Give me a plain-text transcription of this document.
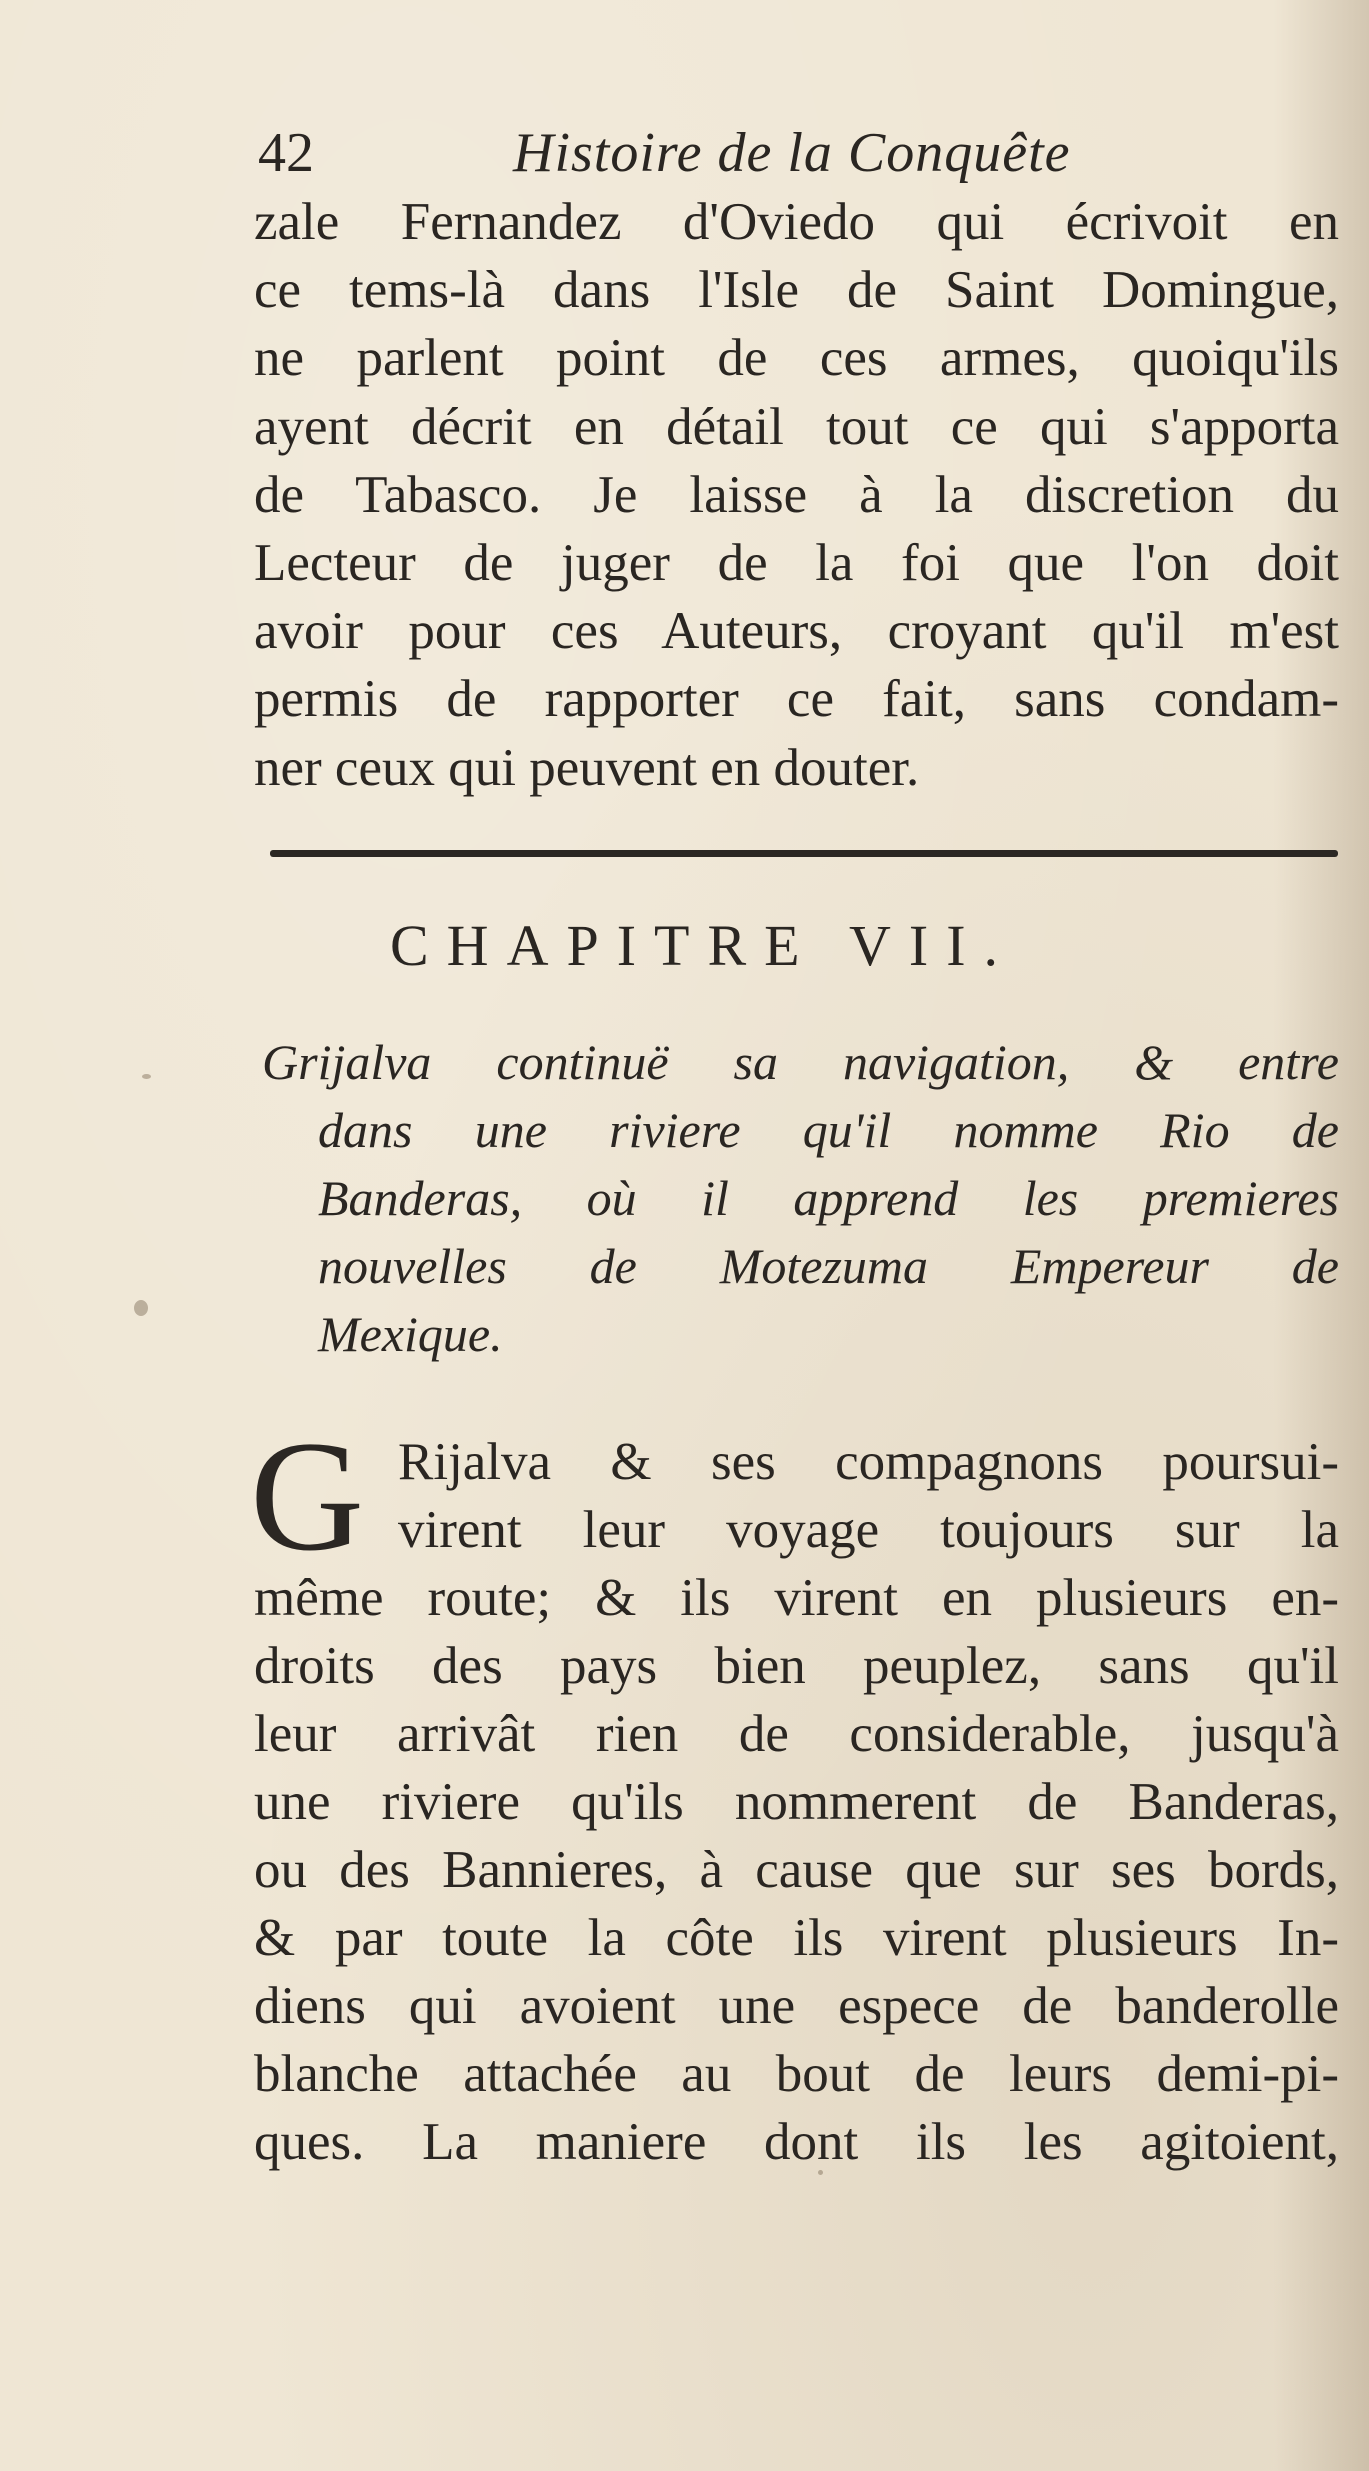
42	Histoire de la Conquête
zale Fernandez d'Oviedo qui écrivoit en
ce tems-là dans l'Isle de Saint Domingue,
ne parlent point de ces armes, quoiqu'ils
ayent décrit en détail tout ce qui s'apporta
de Tabasco. Je laisse à la discretion du
Lecteur de juger de la foi que l'on doit
avoir pour ces Auteurs, croyant qu'il m'est
permis de rapporter ce fait, sans condam-
ner ceux qui peuvent en douter.
CHAPITRE VII.
Grijalva continuë sa navigation, & entre
dans une riviere qu'il nomme Rio de
Banderas, où il apprend les premieres
nouvelles de Motezuma Empereur de
Mexique.
G Rijalva & ses compagnons poursui-
virent leur voyage toujours sur la
même route; & ils virent en plusieurs en-
droits des pays bien peuplez, sans qu'il
leur arrivât rien de considerable, jusqu'à
une riviere qu'ils nommerent de Banderas,
ou des Bannieres, à cause que sur ses bords,
& par toute la côte ils virent plusieurs In-
diens qui avoient une espece de banderolle
blanche attachée au bout de leurs demi-pi-
ques. La maniere dont ils les agitoient,
